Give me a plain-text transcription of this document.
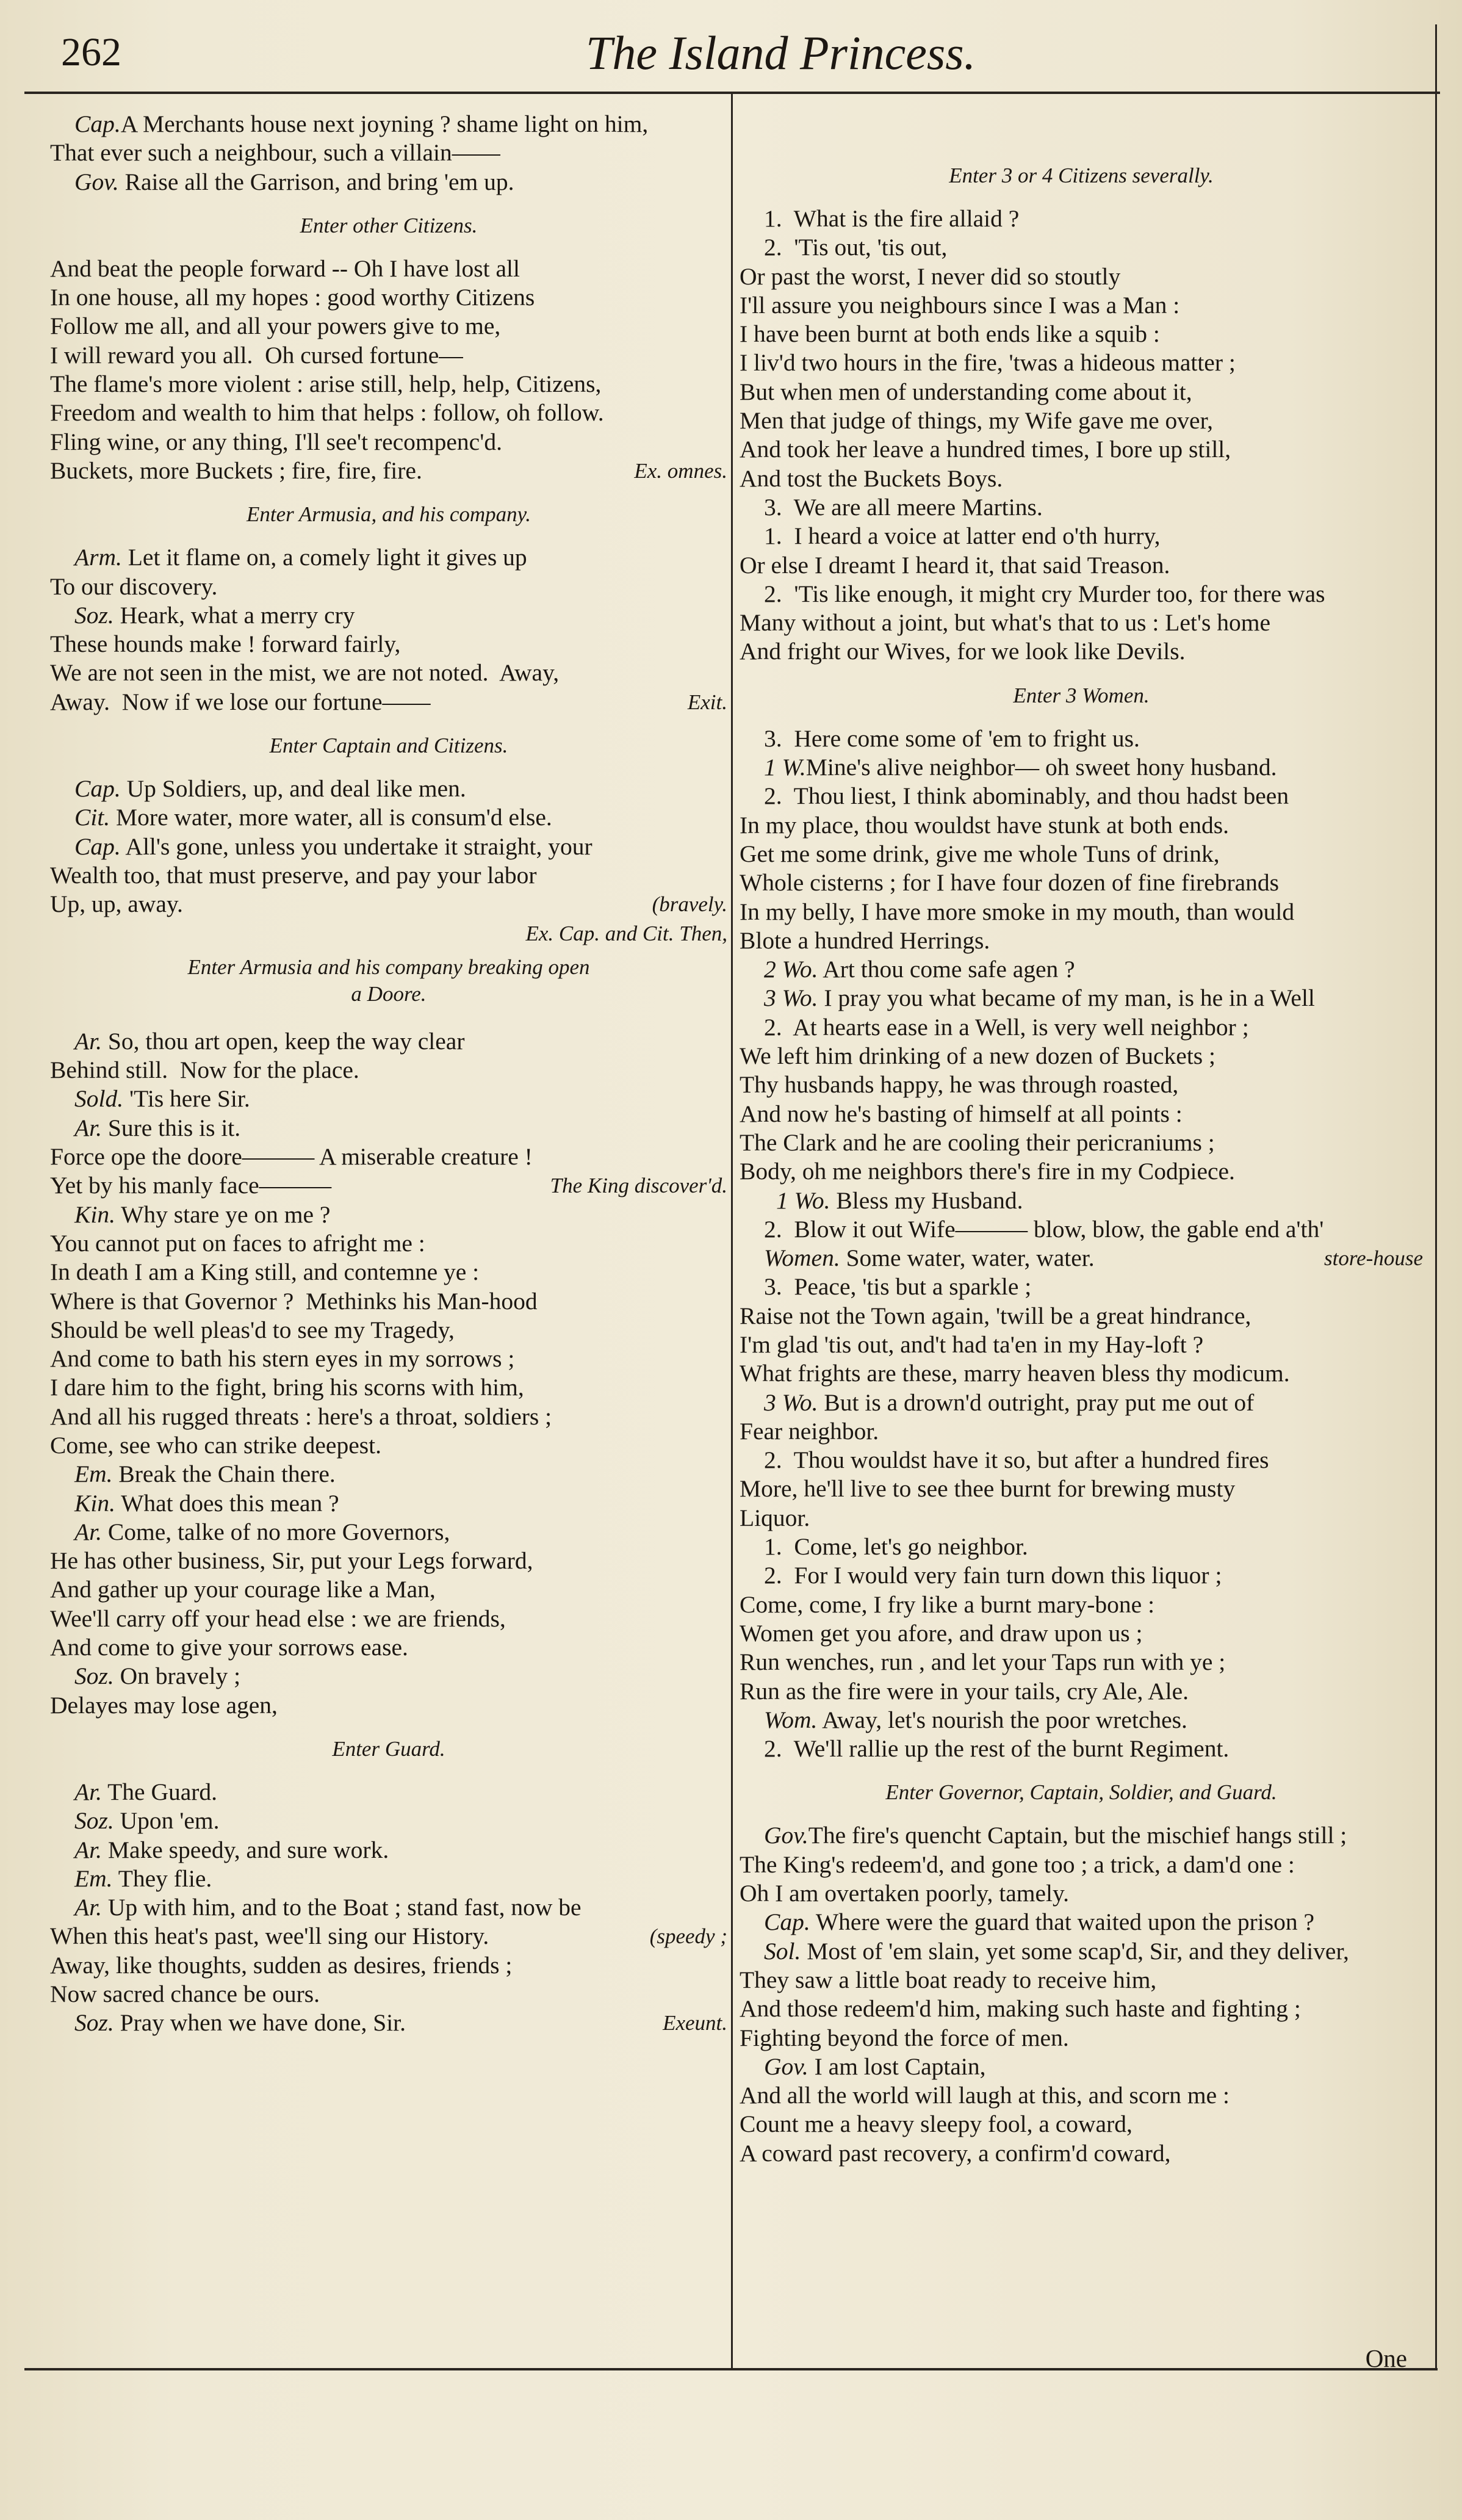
262	The Island Princess.
Cap.A Merchants house next joyning ? shame light on him,
That ever such a neighbour, such a villain——
Gov. Raise all the Garrison, and bring 'em up.
Enter other Citizens.
And beat the people forward -- Oh I have lost all
In one house, all my hopes : good worthy Citizens
Follow me all, and all your powers give to me,
I will reward you all.  Oh cursed fortune—
The flame's more violent : arise still, help, help, Citizens,
Freedom and wealth to him that helps : follow, oh follow.
Fling wine, or any thing, I'll see't recompenc'd.
Buckets, more Buckets ; fire, fire, fire.	Ex. omnes.
Enter Armusia, and his company.
Arm. Let it flame on, a comely light it gives up
To our discovery.
Soz. Heark, what a merry cry
These hounds make ! forward fairly,
We are not seen in the mist, we are not noted.  Away,
Away.  Now if we lose our fortune——	Exit.
Enter Captain and Citizens.
Cap. Up Soldiers, up, and deal like men.
Cit. More water, more water, all is consum'd else.
Cap. All's gone, unless you undertake it straight, your
Wealth too, that must preserve, and pay your labor
Up, up, away.	(bravely.
Ex. Cap. and Cit. Then,
Enter Armusia and his company breaking open
a Doore.
Ar. So, thou art open, keep the way clear
Behind still.  Now for the place.
Sold. 'Tis here Sir.
Ar. Sure this is it.
Force ope the doore——— A miserable creature !
Yet by his manly face———	The King discover'd.
Kin. Why stare ye on me ?
You cannot put on faces to afright me :
In death I am a King still, and contemne ye :
Where is that Governor ?  Methinks his Man-hood
Should be well pleas'd to see my Tragedy,
And come to bath his stern eyes in my sorrows ;
I dare him to the fight, bring his scorns with him,
And all his rugged threats : here's a throat, soldiers ;
Come, see who can strike deepest.
Em. Break the Chain there.
Kin. What does this mean ?
Ar. Come, talke of no more Governors,
He has other business, Sir, put your Legs forward,
And gather up your courage like a Man,
Wee'll carry off your head else : we are friends,
And come to give your sorrows ease.
Soz. On bravely ;
Delayes may lose agen,
Enter Guard.
Ar. The Guard.
Soz. Upon 'em.
Ar. Make speedy, and sure work.
Em. They flie.
Ar. Up with him, and to the Boat ; stand fast, now be
When this heat's past, wee'll sing our History.	(speedy ;
Away, like thoughts, sudden as desires, friends ;
Now sacred chance be ours.
Soz. Pray when we have done, Sir.	Exeunt.
Enter 3 or 4 Citizens severally.
1.  What is the fire allaid ?
2.  'Tis out, 'tis out,
Or past the worst, I never did so stoutly
I'll assure you neighbours since I was a Man :
I have been burnt at both ends like a squib :
I liv'd two hours in the fire, 'twas a hideous matter ;
But when men of understanding come about it,
Men that judge of things, my Wife gave me over,
And took her leave a hundred times, I bore up still,
And tost the Buckets Boys.
3.  We are all meere Martins.
1.  I heard a voice at latter end o'th hurry,
Or else I dreamt I heard it, that said Treason.
2.  'Tis like enough, it might cry Murder too, for there was
Many without a joint, but what's that to us : Let's home
And fright our Wives, for we look like Devils.
Enter 3 Women.
3.  Here come some of 'em to fright us.
1 W.Mine's alive neighbor— oh sweet hony husband.
2.  Thou liest, I think abominably, and thou hadst been
In my place, thou wouldst have stunk at both ends.
Get me some drink, give me whole Tuns of drink,
Whole cisterns ; for I have four dozen of fine firebrands
In my belly, I have more smoke in my mouth, than would
Blote a hundred Herrings.
2 Wo. Art thou come safe agen ?
3 Wo. I pray you what became of my man, is he in a Well
2.  At hearts ease in a Well, is very well neighbor ;
We left him drinking of a new dozen of Buckets ;
Thy husbands happy, he was through roasted,
And now he's basting of himself at all points :
The Clark and he are cooling their pericraniums ;
Body, oh me neighbors there's fire in my Codpiece.
1 Wo. Bless my Husband.
2.  Blow it out Wife——— blow, blow, the gable end a'th'
Women. Some water, water, water.	store-house
3.  Peace, 'tis but a sparkle ;
Raise not the Town again, 'twill be a great hindrance,
I'm glad 'tis out, and't had ta'en in my Hay-loft ?
What frights are these, marry heaven bless thy modicum.
3 Wo. But is a drown'd outright, pray put me out of
Fear neighbor.
2.  Thou wouldst have it so, but after a hundred fires
More, he'll live to see thee burnt for brewing musty
Liquor.
1.  Come, let's go neighbor.
2.  For I would very fain turn down this liquor ;
Come, come, I fry like a burnt mary-bone :
Women get you afore, and draw upon us ;
Run wenches, run , and let your Taps run with ye ;
Run as the fire were in your tails, cry Ale, Ale.
Wom. Away, let's nourish the poor wretches.
2.  We'll rallie up the rest of the burnt Regiment.
Enter Governor, Captain, Soldier, and Guard.
Gov.The fire's quencht Captain, but the mischief hangs still ;
The King's redeem'd, and gone too ; a trick, a dam'd one :
Oh I am overtaken poorly, tamely.
Cap. Where were the guard that waited upon the prison ?
Sol. Most of 'em slain, yet some scap'd, Sir, and they deliver,
They saw a little boat ready to receive him,
And those redeem'd him, making such haste and fighting ;
Fighting beyond the force of men.
Gov. I am lost Captain,
And all the world will laugh at this, and scorn me :
Count me a heavy sleepy fool, a coward,
A coward past recovery, a confirm'd coward,
One
